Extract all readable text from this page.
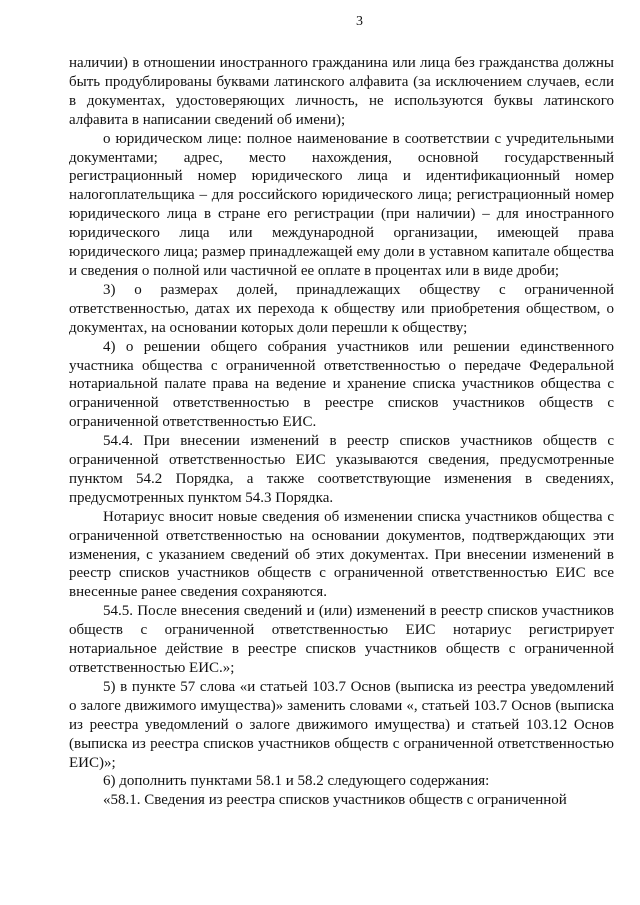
3

наличии) в отношении иностранного гражданина или лица без гражданства должны быть продублированы буквами латинского алфавита (за исключением случаев, если в документах, удостоверяющих личность, не используются буквы латинского алфавита в написании сведений об имени);

о юридическом лице: полное наименование в соответствии с учредительными документами; адрес, место нахождения, основной государственный регистрационный номер юридического лица и идентификационный номер налогоплательщика – для российского юридического лица; регистрационный номер юридического лица в стране его регистрации (при наличии) – для иностранного юридического лица или международной организации, имеющей права юридического лица; размер принадлежащей ему доли в уставном капитале общества и сведения о полной или частичной ее оплате в процентах или в виде дроби;

3) о размерах долей, принадлежащих обществу с ограниченной ответственностью, датах их перехода к обществу или приобретения обществом, о документах, на основании которых доли перешли к обществу;

4) о решении общего собрания участников или решении единственного участника общества с ограниченной ответственностью о передаче Федеральной нотариальной палате права на ведение и хранение списка участников общества с ограниченной ответственностью в реестре списков участников обществ с ограниченной ответственностью ЕИС.

54.4. При внесении изменений в реестр списков участников обществ с ограниченной ответственностью ЕИС указываются сведения, предусмотренные пунктом 54.2 Порядка, а также соответствующие изменения в сведениях, предусмотренных пунктом 54.3 Порядка.

Нотариус вносит новые сведения об изменении списка участников общества с ограниченной ответственностью на основании документов, подтверждающих эти изменения, с указанием сведений об этих документах. При внесении изменений в реестр списков участников обществ с ограниченной ответственностью ЕИС все внесенные ранее сведения сохраняются.

54.5. После внесения сведений и (или) изменений в реестр списков участников обществ с ограниченной ответственностью ЕИС нотариус регистрирует нотариальное действие в реестре списков участников обществ с ограниченной ответственностью ЕИС.»;

5) в пункте 57 слова «и статьей 103.7 Основ (выписка из реестра уведомлений о залоге движимого имущества)» заменить словами «, статьей 103.7 Основ (выписка из реестра уведомлений о залоге движимого имущества) и статьей 103.12 Основ (выписка из реестра списков участников обществ с ограниченной ответственностью ЕИС)»;

6) дополнить пунктами 58.1 и 58.2 следующего содержания:

«58.1. Сведения из реестра списков участников обществ с ограниченной
